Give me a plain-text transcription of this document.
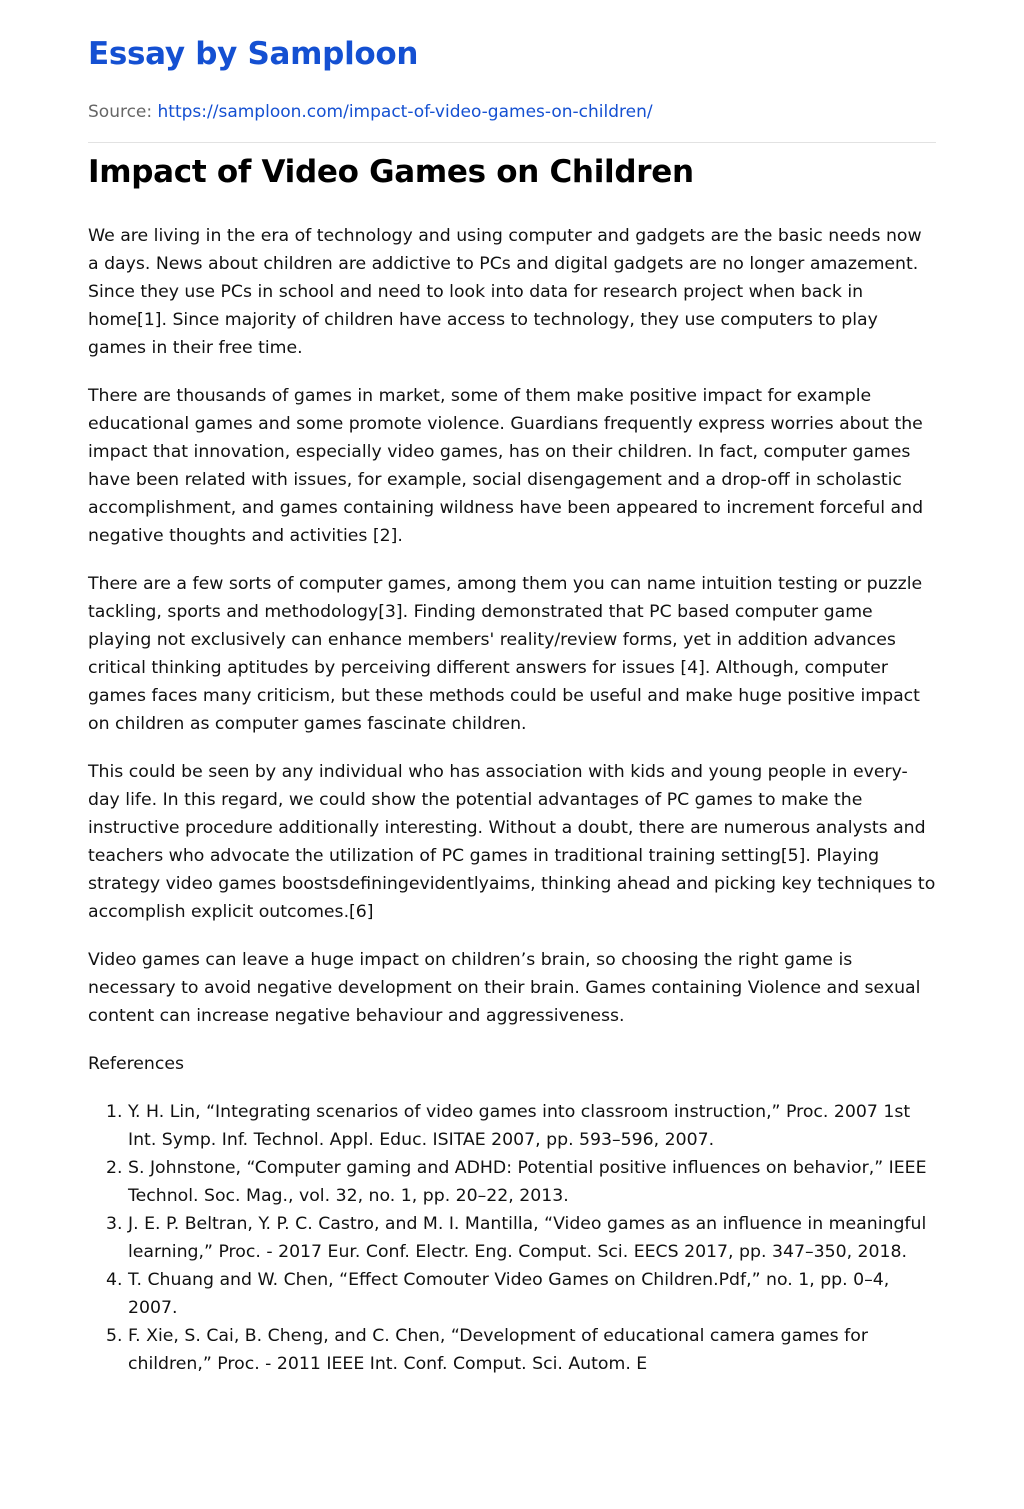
Essay by Samploon
Source: https://samploon.com/impact-of-video-games-on-children/
Impact of Video Games on Children

We are living in the era of technology and using computer and gadgets are the basic needs now a days. News about children are addictive to PCs and digital gadgets are no longer amazement. Since they use PCs in school and need to look into data for research project when back in home[1]. Since majority of children have access to technology, they use computers to play games in their free time.

There are thousands of games in market, some of them make positive impact for example educational games and some promote violence. Guardians frequently express worries about the impact that innovation, especially video games, has on their children. In fact, computer games have been related with issues, for example, social disengagement and a drop-off in scholastic accomplishment, and games containing wildness have been appeared to increment forceful and negative thoughts and activities [2].

There are a few sorts of computer games, among them you can name intuition testing or puzzle tackling, sports and methodology[3]. Finding demonstrated that PC based computer game playing not exclusively can enhance members' reality/review forms, yet in addition advances critical thinking aptitudes by perceiving different answers for issues [4]. Although, computer games faces many criticism, but these methods could be useful and make huge positive impact on children as computer games fascinate children.

This could be seen by any individual who has association with kids and young people in every-day life. In this regard, we could show the potential advantages of PC games to make the instructive procedure additionally interesting. Without a doubt, there are numerous analysts and teachers who advocate the utilization of PC games in traditional training setting[5]. Playing strategy video games boostsdefiningevidentlyaims, thinking ahead and picking key techniques to accomplish explicit outcomes.[6]

Video games can leave a huge impact on children’s brain, so choosing the right game is necessary to avoid negative development on their brain. Games containing Violence and sexual content can increase negative behaviour and aggressiveness.

References

1. Y. H. Lin, “Integrating scenarios of video games into classroom instruction,” Proc. 2007 1st Int. Symp. Inf. Technol. Appl. Educ. ISITAE 2007, pp. 593–596, 2007.
2. S. Johnstone, “Computer gaming and ADHD: Potential positive influences on behavior,” IEEE Technol. Soc. Mag., vol. 32, no. 1, pp. 20–22, 2013.
3. J. E. P. Beltran, Y. P. C. Castro, and M. I. Mantilla, “Video games as an influence in meaningful learning,” Proc. - 2017 Eur. Conf. Electr. Eng. Comput. Sci. EECS 2017, pp. 347–350, 2018.
4. T. Chuang and W. Chen, “Effect Comouter Video Games on Children.Pdf,” no. 1, pp. 0–4, 2007.
5. F. Xie, S. Cai, B. Cheng, and C. Chen, “Development of educational camera games for children,” Proc. - 2011 IEEE Int. Conf. Comput. Sci. Autom. E
